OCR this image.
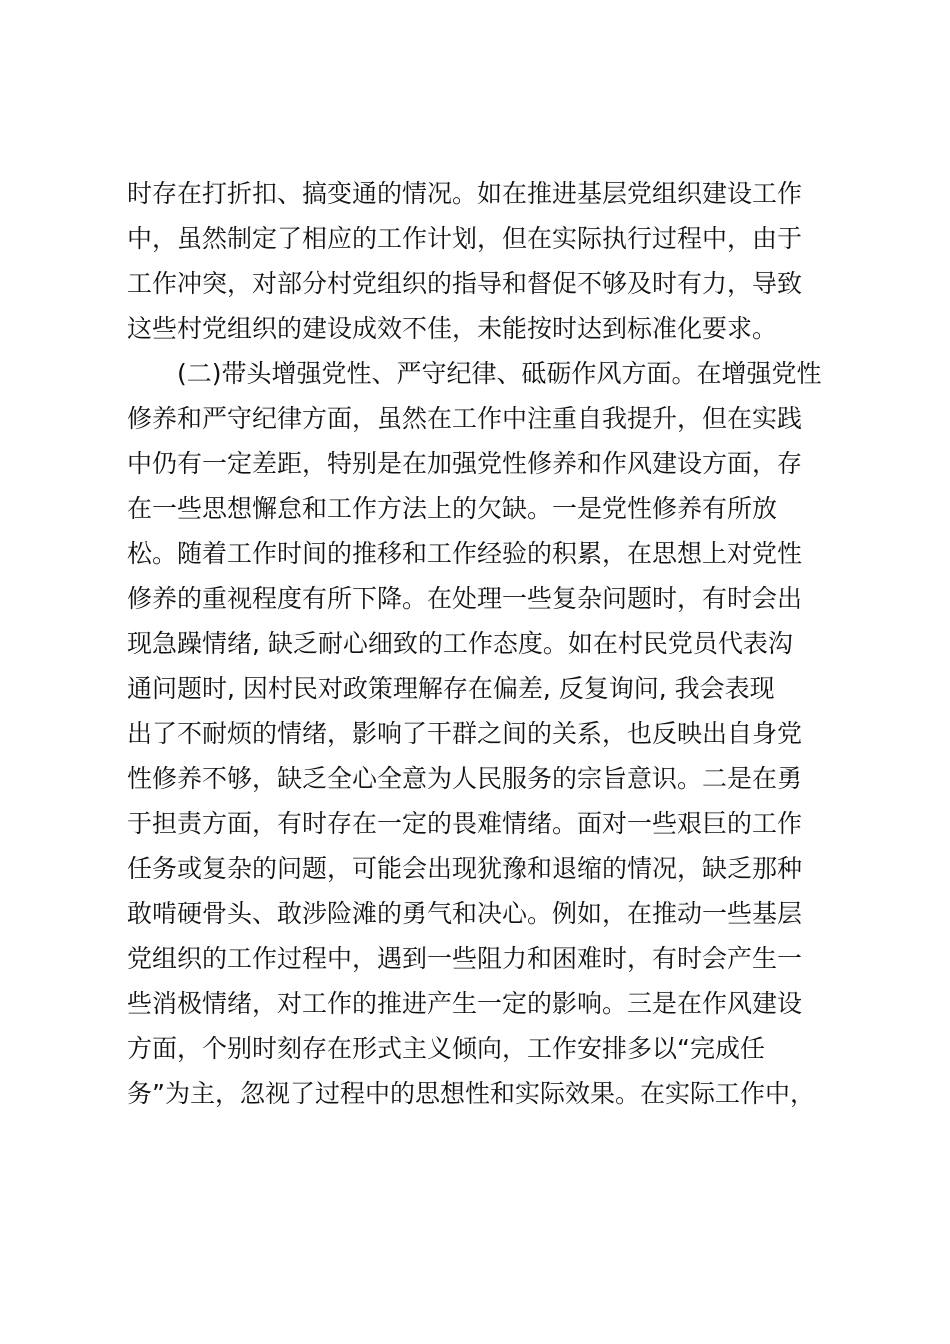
时存在打折扣、搞变通的情况。如在推进基层党组织建设工作
中，虽然制定了相应的工作计划，但在实际执行过程中，由于
工作冲突，对部分村党组织的指导和督促不够及时有力，导致
这些村党组织的建设成效不佳，未能按时达到标准化要求。
(二)带头增强党性、严守纪律、砥砺作风方面。在增强党性
修养和严守纪律方面，虽然在工作中注重自我提升，但在实践
中仍有一定差距，特别是在加强党性修养和作风建设方面，存
在一些思想懈怠和工作方法上的欠缺。一是党性修养有所放
松。随着工作时间的推移和工作经验的积累，在思想上对党性
修养的重视程度有所下降。在处理一些复杂问题时，有时会出
现急躁情绪, 缺乏耐心细致的工作态度。如在村民党员代表沟
通问题时, 因村民对政策理解存在偏差, 反复询问, 我会表现
出了不耐烦的情绪，影响了干群之间的关系，也反映出自身党
性修养不够，缺乏全心全意为人民服务的宗旨意识。二是在勇
于担责方面，有时存在一定的畏难情绪。面对一些艰巨的工作
任务或复杂的问题，可能会出现犹豫和退缩的情况，缺乏那种
敢啃硬骨头、敢涉险滩的勇气和决心。例如，在推动一些基层
党组织的工作过程中，遇到一些阻力和困难时，有时会产生一
些消极情绪，对工作的推进产生一定的影响。三是在作风建设
方面，个别时刻存在形式主义倾向，工作安排多以“完成任
务”为主，忽视了过程中的思想性和实际效果。在实际工作中，
